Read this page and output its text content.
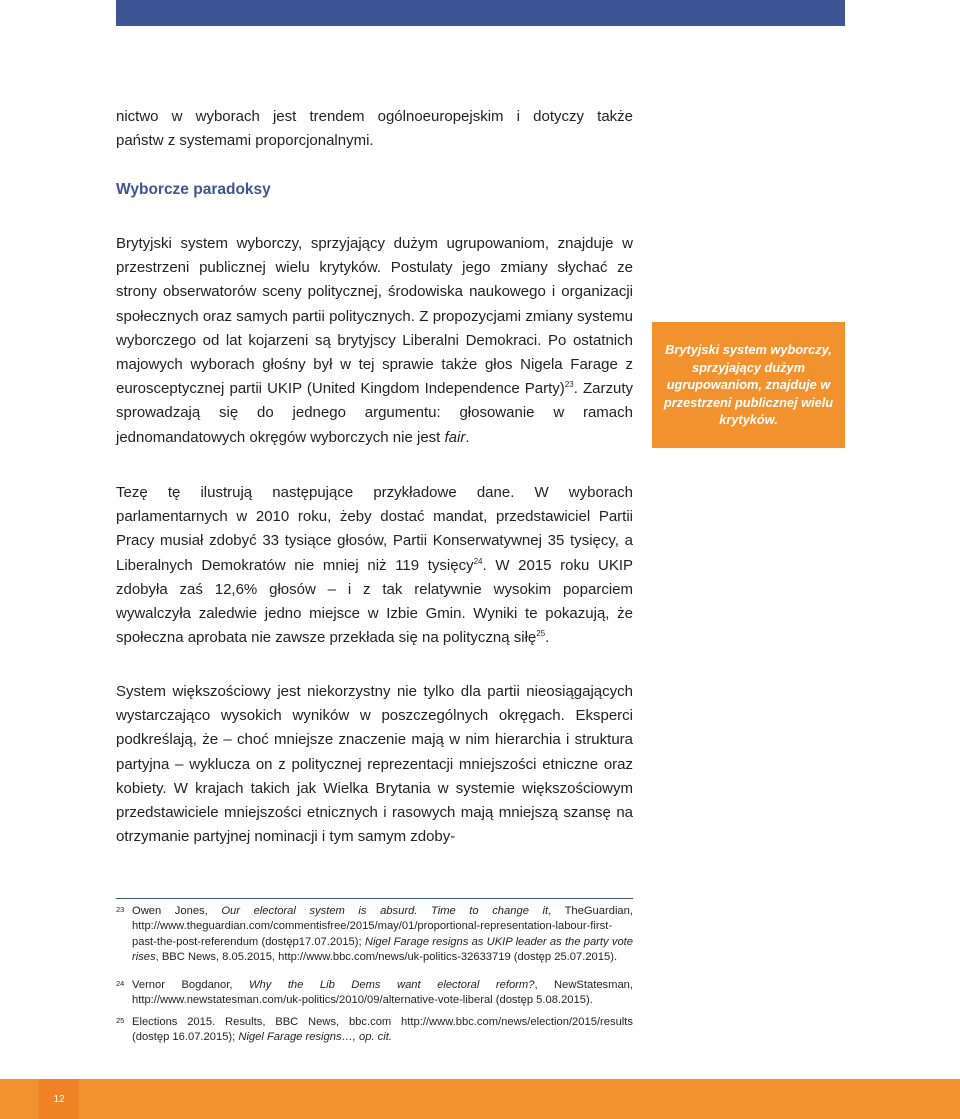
nictwo w wyborach jest trendem ogólnoeuropejskim i dotyczy także
państw z systemami proporcjonalnymi.

Wyborcze paradoksy

Brytyjski system wyborczy, sprzyjający dużym ugrupowaniom, znajduje w przestrzeni publicznej wielu krytyków. Postulaty jego zmiany słychać ze strony obserwatorów sceny politycznej, środowiska naukowego i organizacji społecznych oraz samych partii politycznych. Z propozycjami zmiany systemu wyborczego od lat kojarzeni są brytyjscy Liberalni Demokraci. Po ostatnich majowych wyborach głośny był w tej sprawie także głos Nigela Farage z eurosceptycznej partii UKIP (United Kingdom Independence Party)$^{23}$. Zarzuty sprowadzają się do jednego argumentu: głosowanie w ramach jednomandatowych okręgów wyborczych nie jest fair.

Brytyjski system wyborczy, sprzyjający dużym ugrupowaniom, znajduje w przestrzeni publicznej wielu krytyków.

Tezę tę ilustrują następujące przykładowe dane. W wyborach parlamentarnych w 2010 roku, żeby dostać mandat, przedstawiciel Partii Pracy musiał zdobyć 33 tysiące głosów, Partii Konserwatywnej 35 tysięcy, a Liberalnych Demokratów nie mniej niż 119 tysięcy$^{24}$. W 2015 roku UKIP zdobyła zaś 12,6% głosów – i z tak relatywnie wysokim poparciem wywalczyła zaledwie jedno miejsce w Izbie Gmin. Wyniki te pokazują, że społeczna aprobata nie zawsze przekłada się na polityczną siłę$^{25}$.

System większościowy jest niekorzystny nie tylko dla partii nieosiągających wystarczająco wysokich wyników w poszczególnych okręgach. Eksperci podkreślają, że – choć mniejsze znaczenie mają w nim hierarchia i struktura partyjna – wyklucza on z politycznej reprezentacji mniejszości etniczne oraz kobiety. W krajach takich jak Wielka Brytania w systemie większościowym przedstawiciele mniejszości etnicznych i rasowych mają mniejszą szansę na otrzymanie partyjnej nominacji i tym samym zdoby-

23 Owen Jones, Our electoral system is absurd. Time to change it, TheGuardian, http://www.theguardian.com/commentisfree/2015/may/01/proportional-representation-labour-first-past-the-post-referendum (dostęp17.07.2015); Nigel Farage resigns as UKIP leader as the party vote rises, BBC News, 8.05.2015, http://www.bbc.com/news/uk-politics-32633719 (dostęp 25.07.2015).

24 Vernor Bogdanor, Why the Lib Dems want electoral reform?, NewStatesman, http://www.newstatesman.com/uk-politics/2010/09/alternative-vote-liberal (dostęp 5.08.2015).

25 Elections 2015. Results, BBC News, bbc.com http://www.bbc.com/news/election/2015/results (dostęp 16.07.2015); Nigel Farage resigns…, op. cit.

12
